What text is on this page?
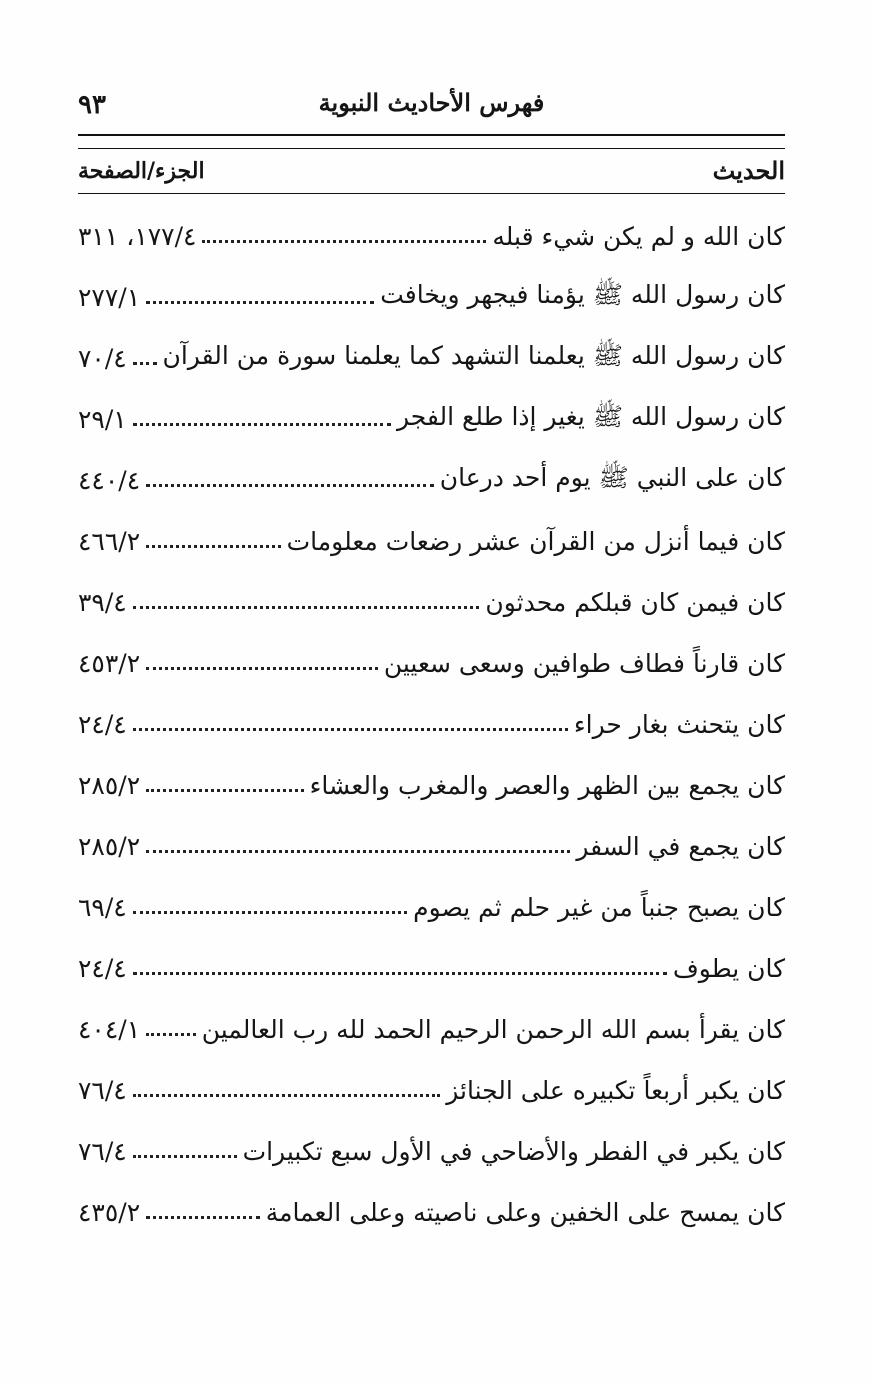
فهرس الأحاديث النبوية
٩٣
الحديث
الجزء/الصفحة
كان الله و لم يكن شيء قبله
١٧٧/٤، ٣١١
كان رسول الله ﷺ يؤمنا فيجهر ويخافت
٢٧٧/١
كان رسول الله ﷺ يعلمنا التشهد كما يعلمنا سورة من القرآن
٧٠/٤
كان رسول الله ﷺ يغير إذا طلع الفجر
٢٩/١
كان على النبي ﷺ يوم أحد درعان
٤٤٠/٤
كان فيما أنزل من القرآن عشر رضعات معلومات
٤٦٦/٢
كان فيمن كان قبلكم محدثون
٣٩/٤
كان قارناً فطاف طوافين وسعى سعيين
٤٥٣/٢
كان يتحنث بغار حراء
٢٤/٤
كان يجمع بين الظهر والعصر والمغرب والعشاء
٢٨٥/٢
كان يجمع في السفر
٢٨٥/٢
كان يصبح جنباً من غير حلم ثم يصوم
٦٩/٤
كان يطوف
٢٤/٤
كان يقرأ بسم الله الرحمن الرحيم الحمد لله رب العالمين
٤٠٤/١
كان يكبر أربعاً تكبيره على الجنائز
٧٦/٤
كان يكبر في الفطر والأضاحي في الأول سبع تكبيرات
٧٦/٤
كان يمسح على الخفين وعلى ناصيته وعلى العمامة
٤٣٥/٢
